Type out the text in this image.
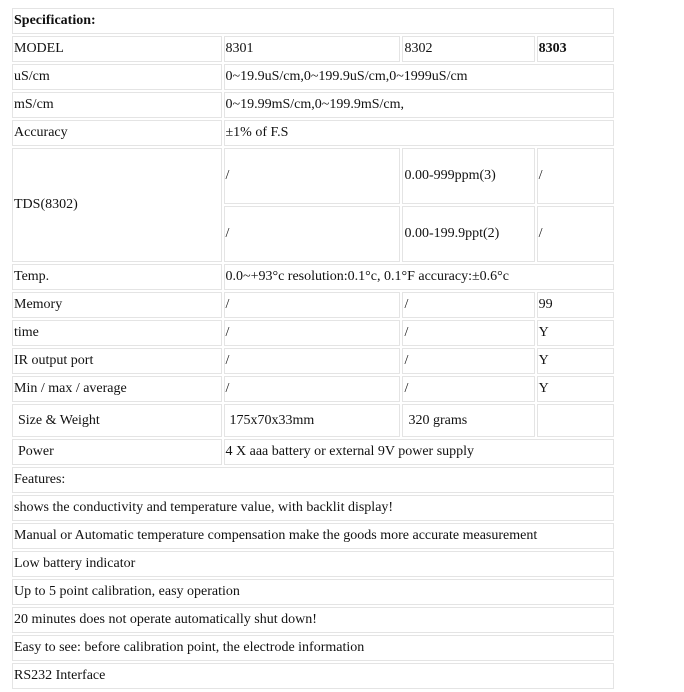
Specification:			
MODEL	8301	8302	8303
uS/cm	0~19.9uS/cm,0~199.9uS/cm,0~1999uS/cm		
mS/cm	0~19.99mS/cm,0~199.9mS/cm,		
Accuracy	±1% of F.S		
TDS(8302)	/	0.00-999ppm(3)	/
	/	0.00-199.9ppt(2)	/
Temp.	0.0~+93°c resolution:0.1°c, 0.1°F accuracy:±0.6°c		
Memory	/	/	99
time	/	/	Y
IR output port	/	/	Y
Min / max / average	/	/	Y
Size & Weight	175x70x33mm	320 grams	
Power	4 X aaa battery or external 9V power supply		
Features:			
shows the conductivity and temperature value, with backlit display!			
Manual or Automatic temperature compensation make the goods more accurate measurement			
Low battery indicator			
Up to 5 point calibration, easy operation			
20 minutes does not operate automatically shut down!			
Easy to see: before calibration point, the electrode information			
RS232 Interface			
